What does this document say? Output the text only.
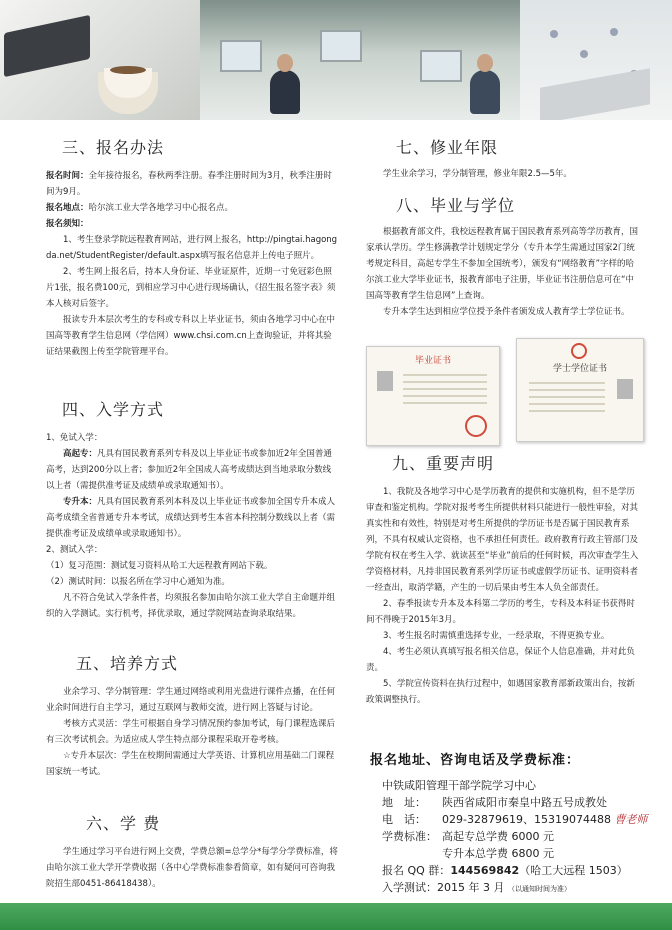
三、报名办法

报名时间：全年接待报名，春秋两季注册。春季注册时间为3月，秋季注册时间为9月。

报名地点：哈尔滨工业大学各地学习中心报名点。

报名须知：

1、考生登录学院远程教育网站，进行网上报名，http://pingtai.hagongda.net/StudentRegister/default.aspx填写报名信息并上传电子照片。

2、考生网上报名后，持本人身份证、毕业证原件，近期一寸免冠彩色照片1张，报名费100元，到相应学习中心进行现场确认，《招生报名签字表》须本人核对后签字。

报读专升本层次考生的专科或专科以上毕业证书，须由各地学习中心在中国高等教育学生信息网（学信网）www.chsi.com.cn上查询验证，并将其验证结果截图上传至学院管理平台。

四、入学方式

1、免试入学：

高起专：凡具有国民教育系列专科及以上毕业证书或参加近2年全国普通高考，达到200分以上者；参加近2年全国成人高考成绩达到当地录取分数线以上者（需提供准考证及成绩单或录取通知书）。

专升本：凡具有国民教育系列本科及以上毕业证书或参加全国专升本成人高考成绩全省普通专升本考试，成绩达到考生本省本科控制分数线以上者（需提供准考证及成绩单或录取通知书）。

2、测试入学：

（1）复习范围：测试复习资料从哈工大远程教育网站下载。

（2）测试时间：以报名所在学习中心通知为准。

凡不符合免试入学条件者，均须报名参加由哈尔滨工业大学自主命题并组织的入学测试。实行机考，择优录取，通过学院网站查询录取结果。

五、培养方式

业余学习、学分制管理：学生通过网络或利用光盘进行课件点播，在任何业余时间进行自主学习，通过互联网与教师交流，进行网上答疑与讨论。

考核方式灵活：学生可根据自身学习情况预约参加考试，每门课程选课后有三次考试机会。为适应成人学生特点部分课程采取开卷考核。

☆专升本层次：学生在校期间需通过大学英语、计算机应用基础二门课程国家统一考试。

六、学 费

学生通过学习平台进行网上交费，学费总额=总学分*每学分学费标准，将由哈尔滨工业大学开学费收据（各中心学费标准参看简章，如有疑问可咨询我院招生部0451-86418438）。

七、修业年限

学生业余学习，学分制管理，修业年限2.5—5年。

八、毕业与学位

根据教育部文件，我校远程教育属于国民教育系列高等学历教育，国家承认学历。学生修满教学计划规定学分（专升本学生需通过国家2门统考规定科目，高起专学生不参加全国统考），颁发有“网络教育”字样的哈尔滨工业大学毕业证书，报教育部电子注册，毕业证书注册信息可在“中国高等教育学生信息网”上查询。

专升本学生达到相应学位授予条件者颁发成人教育学士学位证书。

毕业证书
学士学位证书
九、重要声明

1、我院及各地学习中心是学历教育的提供和实施机构，但不是学历审查和鉴定机构。学院对报考考生所提供材料只能进行一般性审验，对其真实性和有效性，特别是对考生所提供的学历证书是否属于国民教育系列，不具有权威认定资格，也不承担任何责任。政府教育行政主管部门及学院有权在考生入学、就读甚至“毕业”前后的任何时候，再次审查学生入学资格材料，凡持非国民教育系列学历证书或虚假学历证书、证明资料者一经查出，取消学籍，产生的一切后果由考生本人负全部责任。

2、春季报读专升本及本科第二学历的考生，专科及本科证书获得时间不得晚于2015年3月。

3、考生报名时需慎重选择专业，一经录取，不得更换专业。

4、考生必须认真填写报名相关信息，保证个人信息准确，并对此负责。

5、学院宣传资料在执行过程中，如遇国家教育部新政策出台，按新政策调整执行。

报名地址、咨询电话及学费标准：
中铁咸阳管理干部学院学习中心
地　址： 陕西省咸阳市秦皇中路五号成教处
电　话： 029-32879619、15319074488 曹老师
学费标准： 高起专总学费 6000 元
专升本总学费 6800 元
报名 QQ 群：144569842（哈工大远程 1503）
入学测试：2015 年 3 月 （以通知时间为准）
